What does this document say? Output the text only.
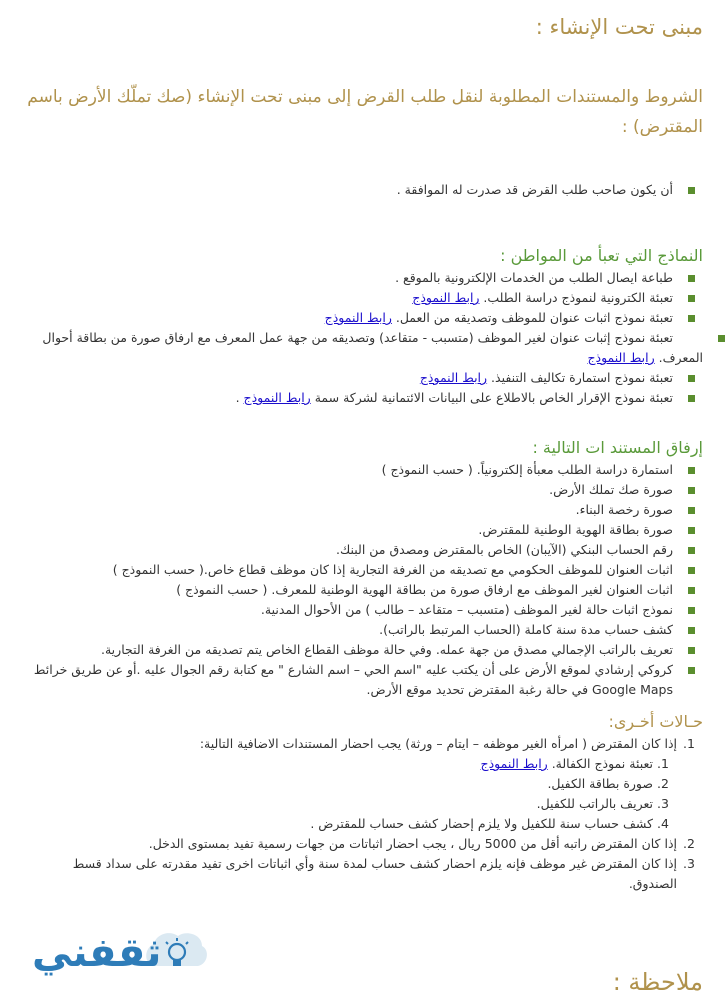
مبنى تحت الإنشاء :
الشروط والمستندات المطلوبة لنقل طلب القرض إلى مبنى تحت الإنشاء (صك تملّك الأرض باسم المقترض) :
أن يكون صاحب طلب القرض قد صدرت له الموافقة .
النماذج التي تعبأ من المواطن :
طباعة ايصال الطلب من الخدمات الإلكترونية بالموقع .
تعبئة الكترونية لنموذج دراسة الطلب. رابط النموذج
تعبئة نموذج اثبات عنوان للموظف وتصديقه من العمل. رابط النموذج
تعبئة نموذج إثبات عنوان لغير الموظف (متسبب - متقاعد) وتصديقه من جهة عمل المعرف مع ارفاق صورة من بطاقة أحوال المعرف. رابط النموذج
تعبئة نموذج استمارة تكاليف التنفيذ. رابط النموذج
تعبئة نموذج الإقرار الخاص بالاطلاع على البيانات الائتمانية لشركة سمة رابط النموذج .
إرفاق المستند ات التالية :
استمارة دراسة الطلب معبأة إلكترونياً. ( حسب النموذج )
صورة صك تملك الأرض.
صورة رخصة البناء.
صورة بطاقة الهوية الوطنية للمقترض.
رقم الحساب البنكي (الآيبان) الخاص بالمقترض ومصدق من البنك.
اثبات العنوان للموظف الحكومي مع تصديقه من الغرفة التجارية إذا كان موظف قطاع خاص.( حسب النموذج )
اثبات العنوان لغير الموظف مع ارفاق صورة من بطاقة الهوية الوطنية للمعرف. ( حسب النموذج )
نموذج اثبات حالة لغير الموظف (متسبب – متقاعد – طالب ) من الأحوال المدنية.
كشف حساب مدة سنة كاملة (الحساب المرتبط بالراتب).
تعريف بالراتب الإجمالي مصدق من جهة عمله. وفي حالة موظف القطاع الخاص يتم تصديقه من الغرفة التجارية.
كروكي إرشادي لموقع الأرض على أن يكتب عليه "اسم الحي – اسم الشارع " مع كتابة رقم الجوال عليه .أو عن طريق خرائط Google Maps في حالة رغبة المقترض تحديد موقع الأرض.
حـالات أخـرى:
1. إذا كان المقترض ( امرأه الغير موظفه – ايتام – ورثة) يجب احضار المستندات الاضافية التالية:
1. تعبئة نموذج الكفالة. رابط النموذج
2. صورة بطاقة الكفيل.
3. تعريف بالراتب للكفيل.
4. كشف حساب سنة للكفيل ولا يلزم إحضار كشف حساب للمقترض .
2. إذا كان المقترض راتبه أقل من 5000 ريال ، يجب احضار اثباتات من جهات رسمية تفيد بمستوى الدخل.
3. إذا كان المقترض غير موظف فإنه يلزم احضار كشف حساب لمدة سنة وأي اثباتات اخرى تفيد مقدرته على سداد قسط الصندوق.
ثقفني
ملاحظة :
